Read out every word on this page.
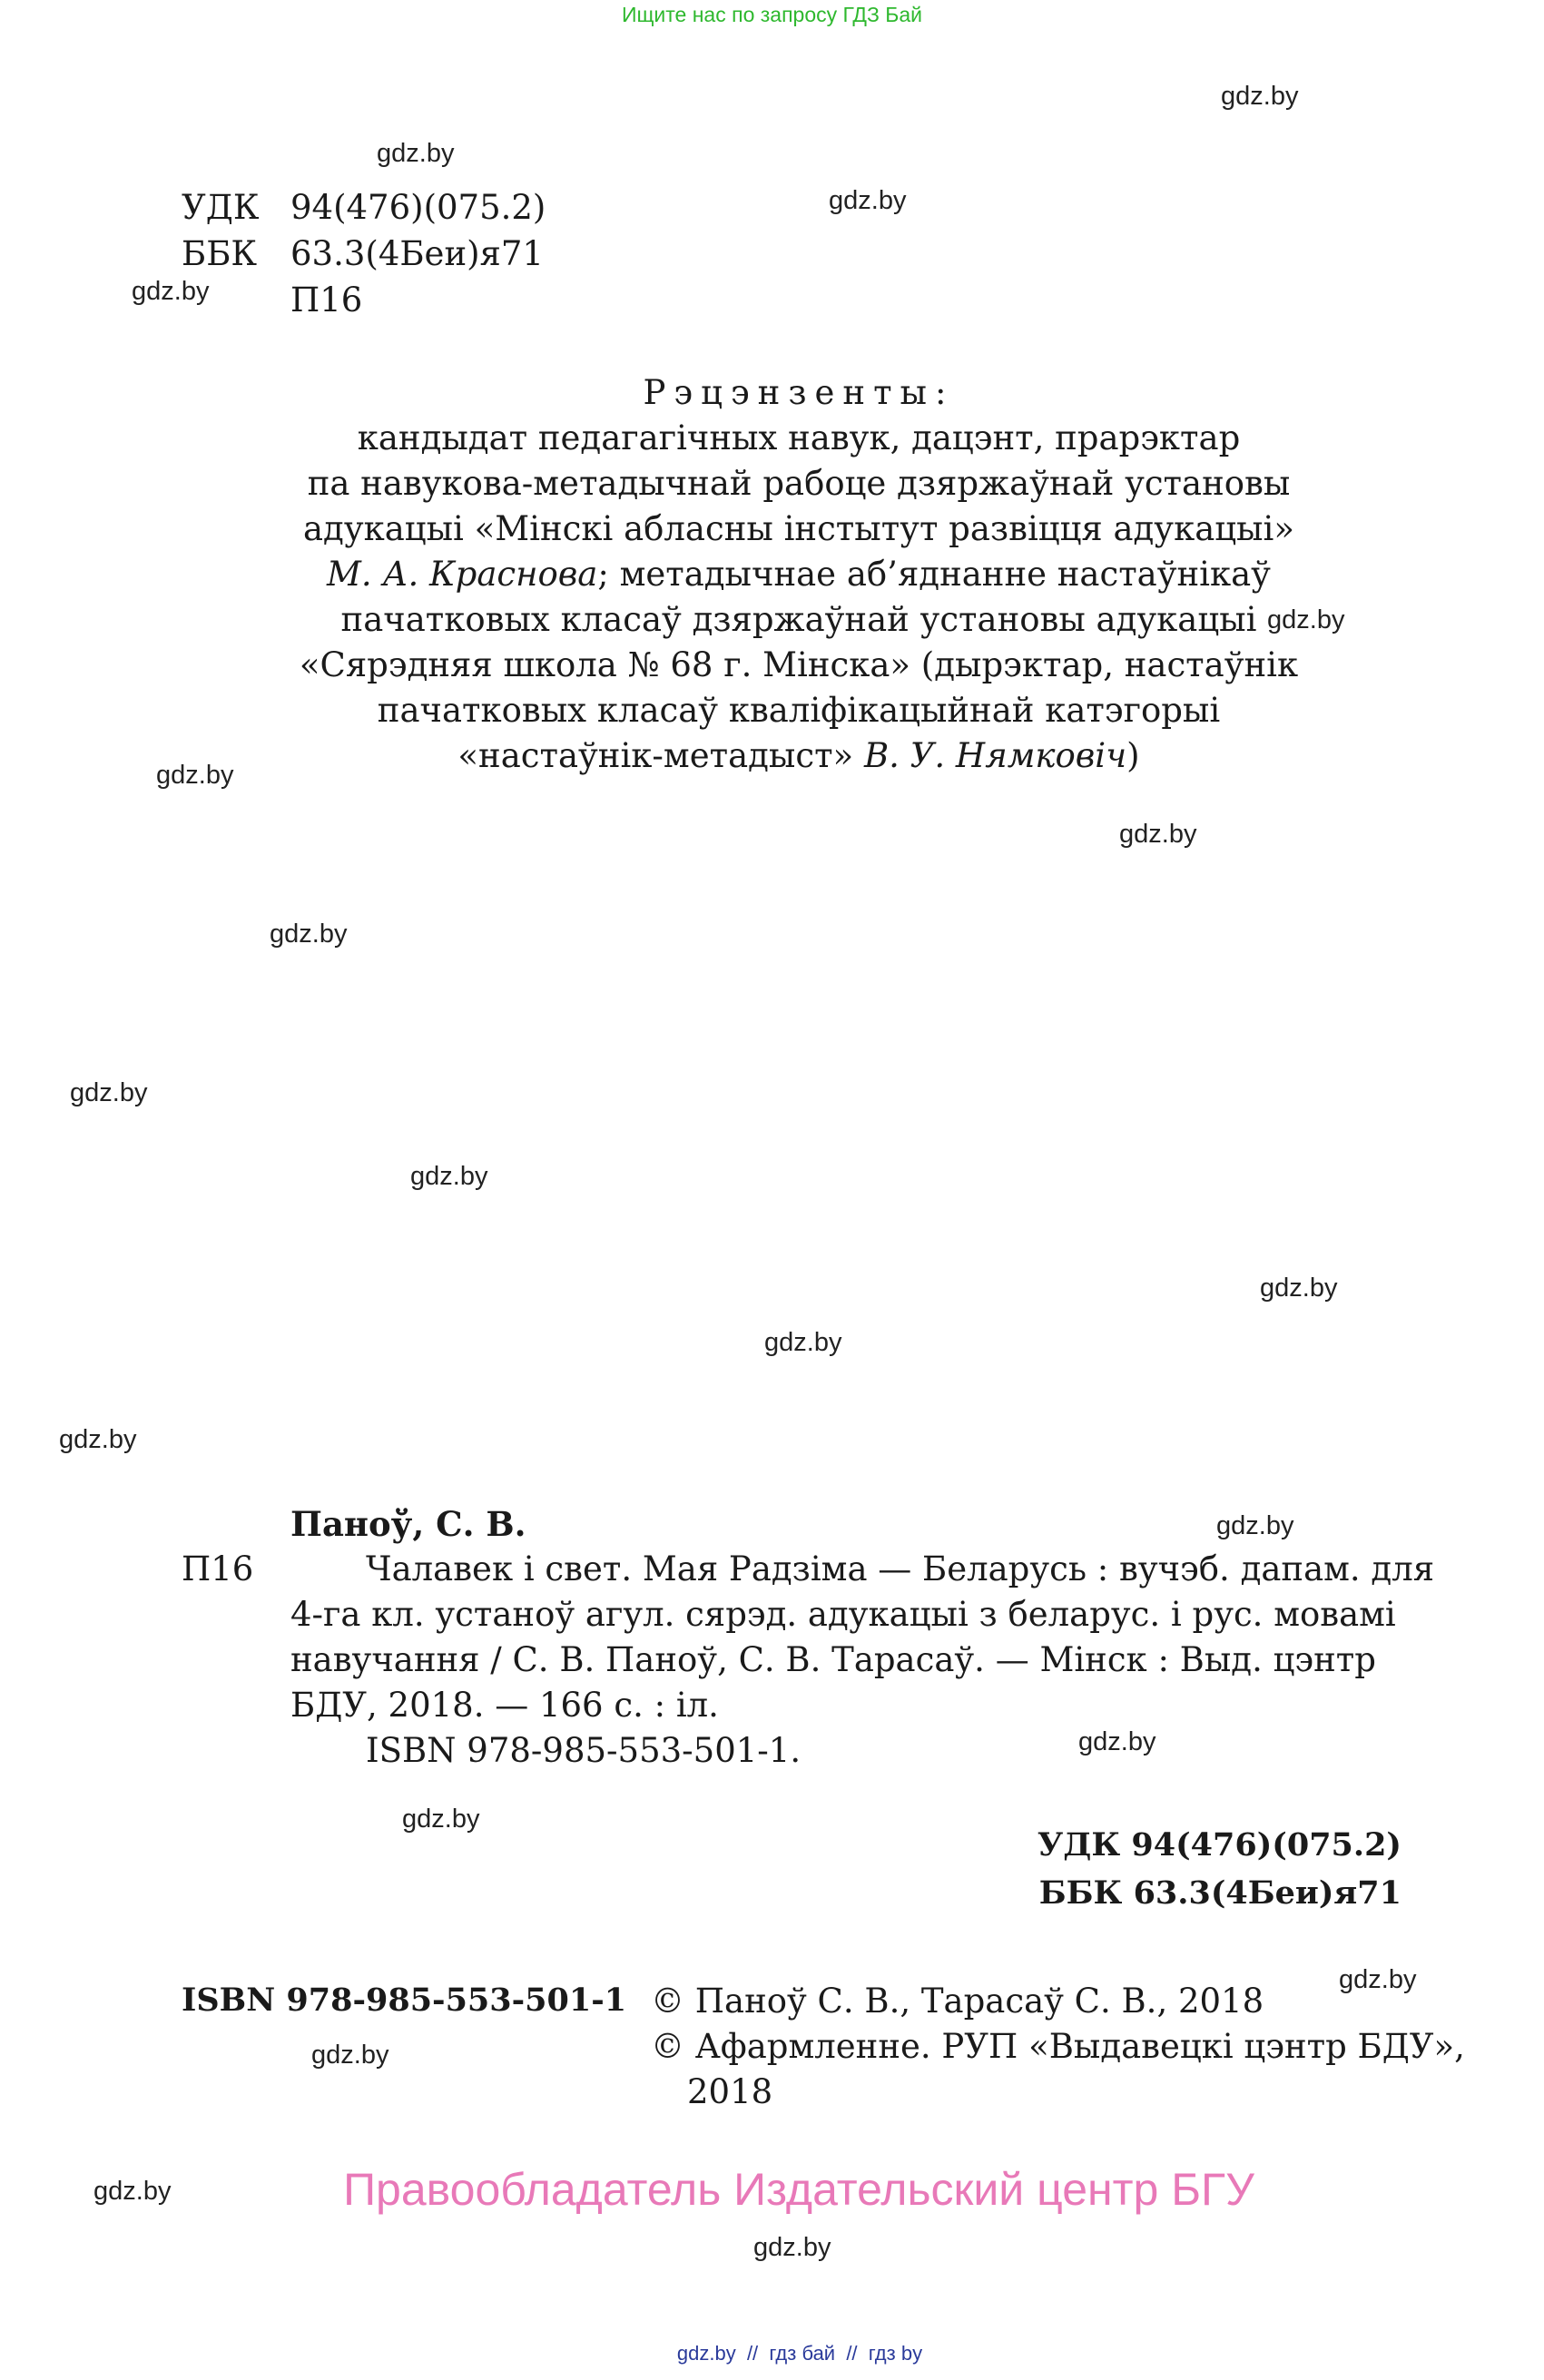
Ищите нас по запросу ГДЗ Бай
gdz.by
gdz.by
gdz.by
gdz.by
gdz.by
gdz.by
gdz.by
gdz.by
gdz.by
gdz.by
gdz.by
gdz.by
gdz.by
gdz.by
gdz.by
gdz.by
gdz.by
gdz.by
gdz.by
gdz.by
УДК 94(476)(075.2)
ББК 63.3(4Беи)я71
П16
Рэцэнзенты:
кандыдат педагагічных навук, дацэнт, прарэктар
па навукова-метадычнай рабоце дзяржаўнай установы
адукацыі «Мінскі абласны інстытут развіцця адукацыі»
М. А. Краснова; метадычнае аб’яднанне настаўнікаў
пачатковых класаў дзяржаўнай установы адукацыі
«Сярэдняя школа № 68 г. Мінска» (дырэктар, настаўнік
пачатковых класаў кваліфікацыйнай катэгорыі
«настаўнік-метадыст» В. У. Нямковіч)
Паноў, С. В.
П16	Чалавек і свет. Мая Радзіма — Беларусь : вучэб. дапам. для
4-га кл. устаноў агул. сярэд. адукацыі з беларус. і рус. мовамі
навучання / С. В. Паноў, С. В. Тарасаў. — Мінск : Выд. цэнтр
БДУ, 2018. — 166 с. : іл.
ISBN 978-985-553-501-1.
УДК 94(476)(075.2)
ББК 63.3(4Беи)я71
ISBN 978-985-553-501-1 © Паноў С. В., Тарасаў С. В., 2018
© Афармленне. РУП «Выдавецкі цэнтр БДУ»,
2018
Правообладатель Издательский центр БГУ
gdz.by  //  гдз бай  //  гдз by
